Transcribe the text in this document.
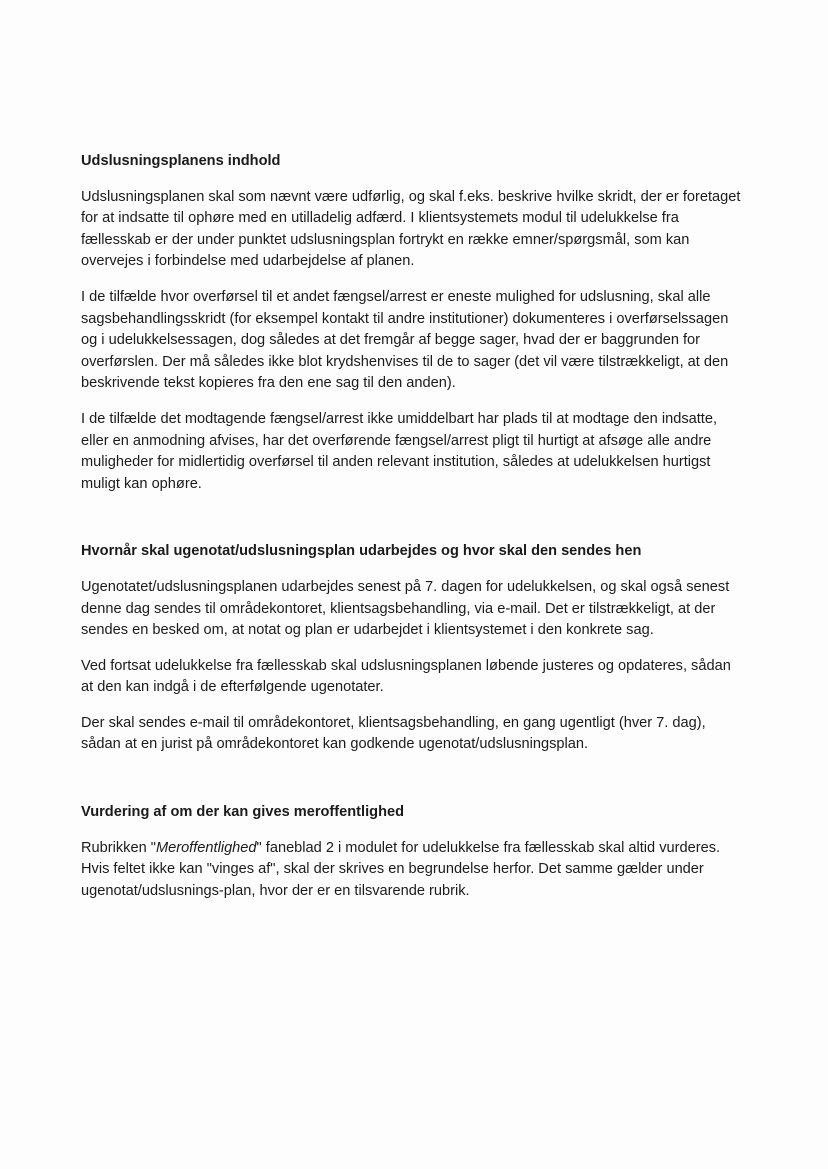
Udslusningsplanens indhold

Udslusningsplanen skal som nævnt være udførlig, og skal f.eks. beskrive hvilke skridt, der er foretaget for at indsatte til ophøre med en utilladelig adfærd. I klientsystemets modul til udelukkelse fra fællesskab er der under punktet udslusningsplan fortrykt en række emner/spørgsmål, som kan overvejes i forbindelse med udarbejdelse af planen.

I de tilfælde hvor overførsel til et andet fængsel/arrest er eneste mulighed for udslusning, skal alle sagsbehandlingsskridt (for eksempel kontakt til andre institutioner) dokumenteres i overførselssagen og i udelukkelsessagen, dog således at det fremgår af begge sager, hvad der er baggrunden for overførslen. Der må således ikke blot krydshenvises til de to sager (det vil være tilstrækkeligt, at den beskrivende tekst kopieres fra den ene sag til den anden).

I de tilfælde det modtagende fængsel/arrest ikke umiddelbart har plads til at modtage den indsatte, eller en anmodning afvises, har det overførende fængsel/arrest pligt til hurtigt at afsøge alle andre muligheder for midlertidig overførsel til anden relevant institution, således at udelukkelsen hurtigst muligt kan ophøre.

Hvornår skal ugenotat/udslusningsplan udarbejdes og hvor skal den sendes hen

Ugenotatet/udslusningsplanen udarbejdes senest på 7. dagen for udelukkelsen, og skal også senest denne dag sendes til områdekontoret, klientsagsbehandling, via e-mail. Det er tilstrækkeligt, at der sendes en besked om, at notat og plan er udarbejdet i klientsystemet i den konkrete sag.

Ved fortsat udelukkelse fra fællesskab skal udslusningsplanen løbende justeres og opdateres, sådan at den kan indgå i de efterfølgende ugenotater.

Der skal sendes e-mail til områdekontoret, klientsagsbehandling, en gang ugentligt (hver 7. dag), sådan at en jurist på områdekontoret kan godkende ugenotat/udslusningsplan.

Vurdering af om der kan gives meroffentlighed

Rubrikken "Meroffentlighed" faneblad 2 i modulet for udelukkelse fra fællesskab skal altid vurderes. Hvis feltet ikke kan "vinges af", skal der skrives en begrundelse herfor. Det samme gælder under ugenotat/udslusnings-plan, hvor der er en tilsvarende rubrik.
